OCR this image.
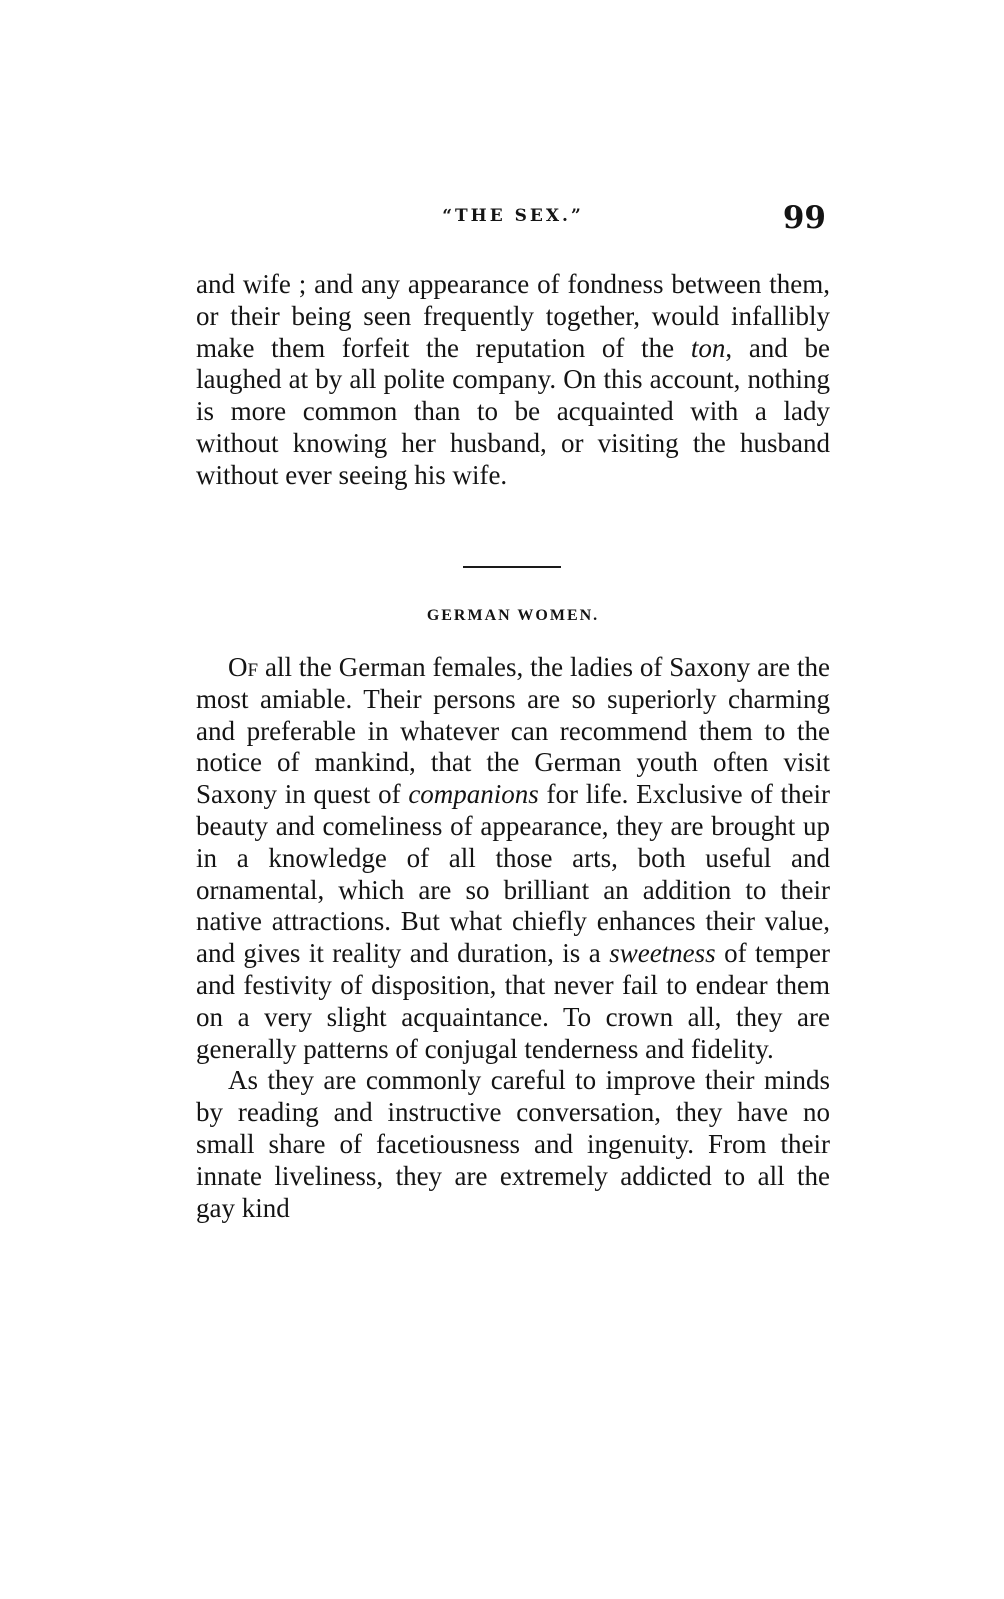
“THE SEX.”	99

and wife ; and any appearance of fondness between them, or their being seen frequently together, would infallibly make them forfeit the reputation of the ton, and be laughed at by all polite company. On this account, nothing is more common than to be acquainted with a lady without knowing her husband, or visiting the husband without ever seeing his wife.

GERMAN WOMEN.

Of all the German females, the ladies of Saxony are the most amiable. Their persons are so superiorly charming and preferable in whatever can recommend them to the notice of mankind, that the German youth often visit Saxony in quest of companions for life. Exclusive of their beauty and comeliness of appearance, they are brought up in a knowledge of all those arts, both useful and ornamental, which are so brilliant an addition to their native attractions. But what chiefly enhances their value, and gives it reality and duration, is a sweetness of temper and festivity of disposition, that never fail to endear them on a very slight acquaintance. To crown all, they are generally patterns of conjugal tenderness and fidelity.

As they are commonly careful to improve their minds by reading and instructive conversation, they have no small share of facetiousness and ingenuity. From their innate liveliness, they are extremely addicted to all the gay kind
